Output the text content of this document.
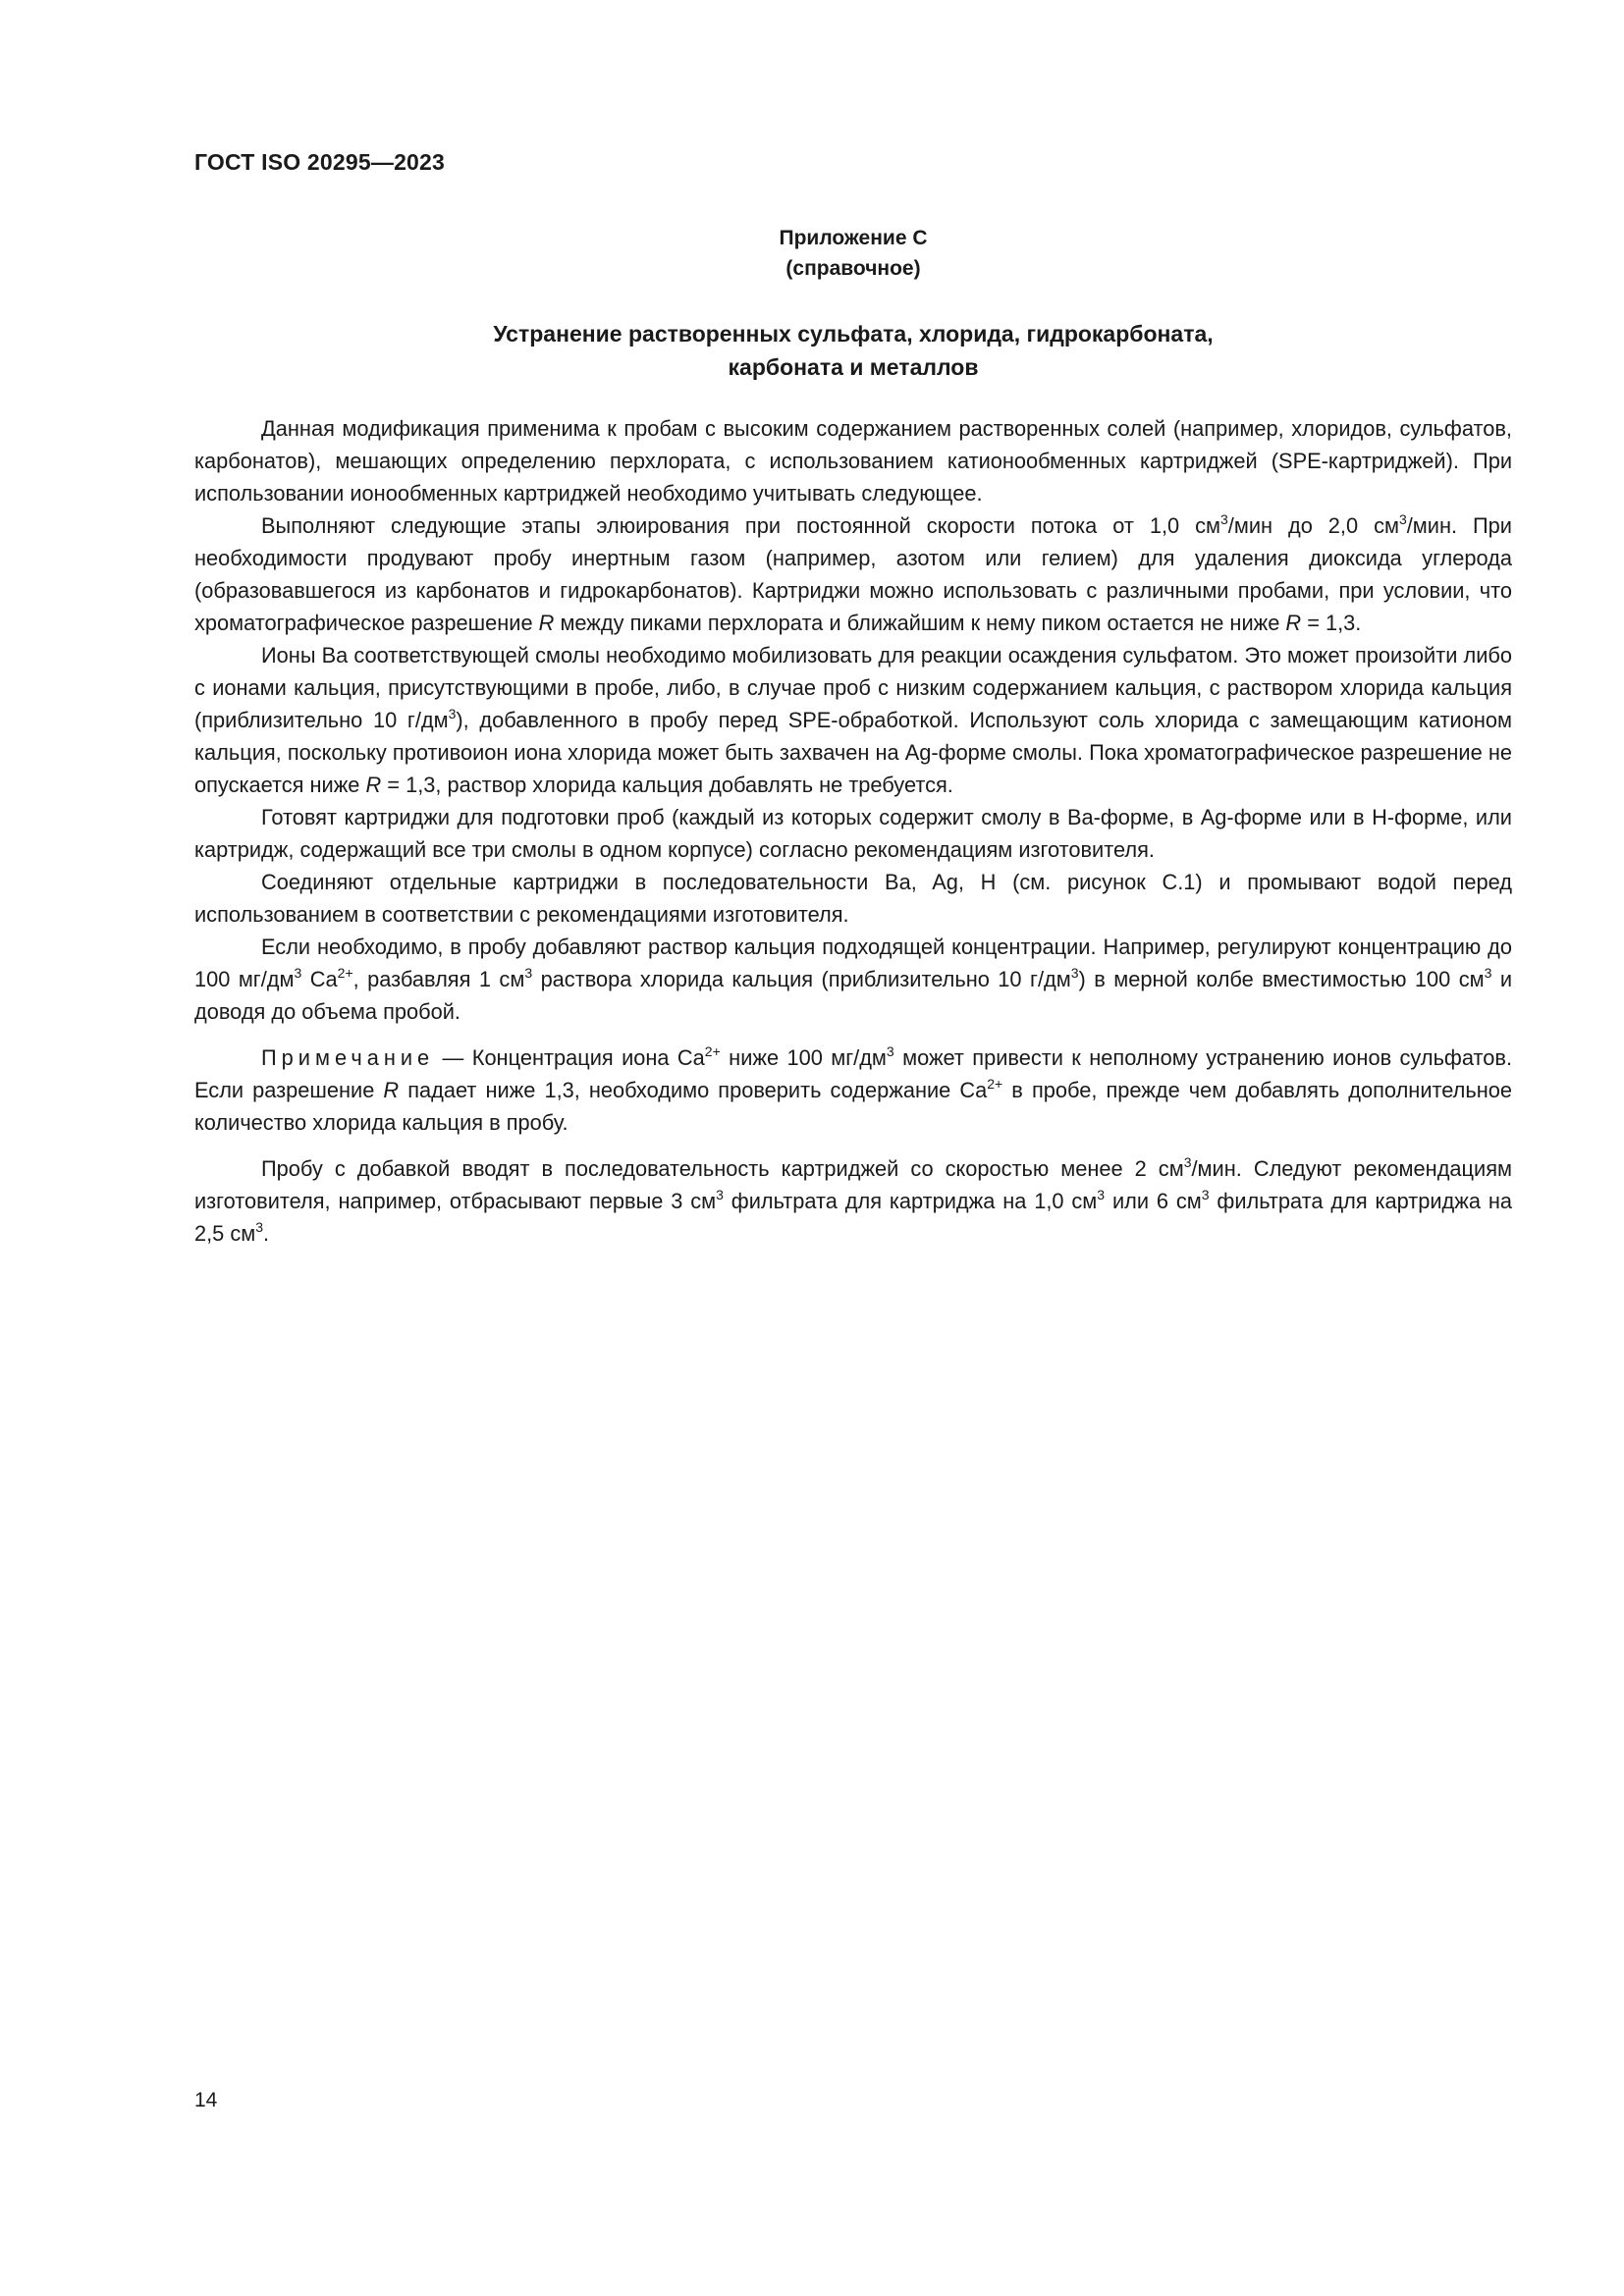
ГОСТ ISO 20295—2023
Приложение C
(справочное)
Устранение растворенных сульфата, хлорида, гидрокарбоната,
карбоната и металлов

Данная модификация применима к пробам с высоким содержанием растворенных солей (например, хлоридов, сульфатов, карбонатов), мешающих определению перхлората, с использованием катионообменных картриджей (SPE-картриджей). При использовании ионообменных картриджей необходимо учитывать следующее.

Выполняют следующие этапы элюирования при постоянной скорости потока от 1,0 $см^3$/мин до 2,0 $см^3$/мин. При необходимости продувают пробу инертным газом (например, азотом или гелием) для удаления диоксида углерода (образовавшегося из карбонатов и гидрокарбонатов). Картриджи можно использовать с различными пробами, при условии, что хроматографическое разрешение R между пиками перхлората и ближайшим к нему пиком остается не ниже R = 1,3.

Ионы Ba соответствующей смолы необходимо мобилизовать для реакции осаждения сульфатом. Это может произойти либо с ионами кальция, присутствующими в пробе, либо, в случае проб с низким содержанием кальция, с раствором хлорида кальция (приблизительно 10 $г/дм^3$), добавленного в пробу перед SPE-обработкой. Используют соль хлорида с замещающим катионом кальция, поскольку противоион иона хлорида может быть захвачен на Ag-форме смолы. Пока хроматографическое разрешение не опускается ниже R = 1,3, раствор хлорида кальция добавлять не требуется.

Готовят картриджи для подготовки проб (каждый из которых содержит смолу в Ba-форме, в Ag-форме или в H-форме, или картридж, содержащий все три смолы в одном корпусе) согласно рекомендациям изготовителя.

Соединяют отдельные картриджи в последовательности Ba, Ag, H (см. рисунок C.1) и промывают водой перед использованием в соответствии с рекомендациями изготовителя.

Если необходимо, в пробу добавляют раствор кальция подходящей концентрации. Например, регулируют концентрацию до 100 $мг/дм^3$ $Ca^{2+}$, разбавляя 1 $см^3$ раствора хлорида кальция (приблизительно 10 $г/дм^3$) в мерной колбе вместимостью 100 $см^3$ и доводя до объема пробой.

Примечание — Концентрация иона $Ca^{2+}$ ниже 100 $мг/дм^3$ может привести к неполному устранению ионов сульфатов. Если разрешение R падает ниже 1,3, необходимо проверить содержание $Ca^{2+}$ в пробе, прежде чем добавлять дополнительное количество хлорида кальция в пробу.

Пробу с добавкой вводят в последовательность картриджей со скоростью менее 2 $см^3$/мин. Следуют рекомендациям изготовителя, например, отбрасывают первые 3 $см^3$ фильтрата для картриджа на 1,0 $см^3$ или 6 $см^3$ фильтрата для картриджа на 2,5 $см^3$.

14
